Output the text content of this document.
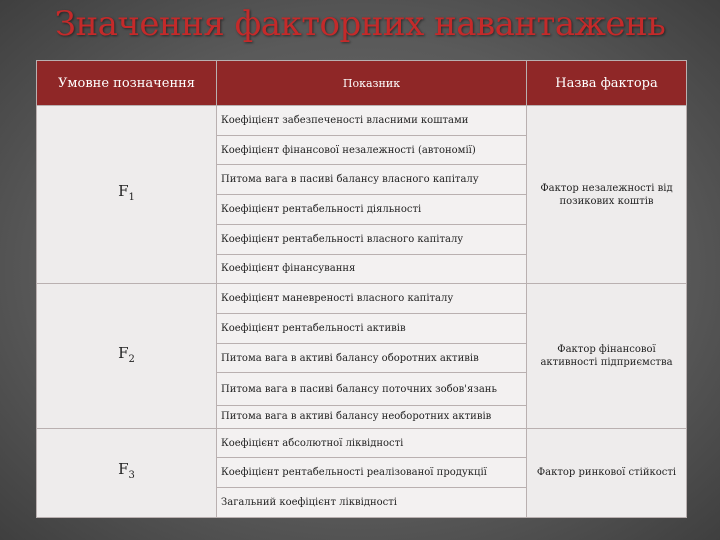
Значення факторних навантажень
Умовне позначення	Показник	Назва фактора
$F_1$	Коефіцієнт забезпеченості власними коштами	Фактор незалежності від позикових коштів
	Коефіцієнт фінансової незалежності (автономії)	
	Питома вага в пасиві балансу власного капіталу	
	Коефіцієнт рентабельності діяльності	
	Коефіцієнт рентабельності власного капіталу	
	Коефіцієнт фінансування	
$F_2$	Коефіцієнт маневреності власного капіталу	Фактор фінансової активності підприємства
	Коефіцієнт рентабельності активів	
	Питома вага в активі балансу оборотних активів	
	Питома вага в пасиві балансу поточних зобов'язань	
	Питома вага в активі балансу необоротних активів	
$F_3$	Коефіцієнт абсолютної ліквідності	Фактор ринкової стійкості
	Коефіцієнт рентабельності реалізованої продукції	
	Загальний коефіцієнт ліквідності	
